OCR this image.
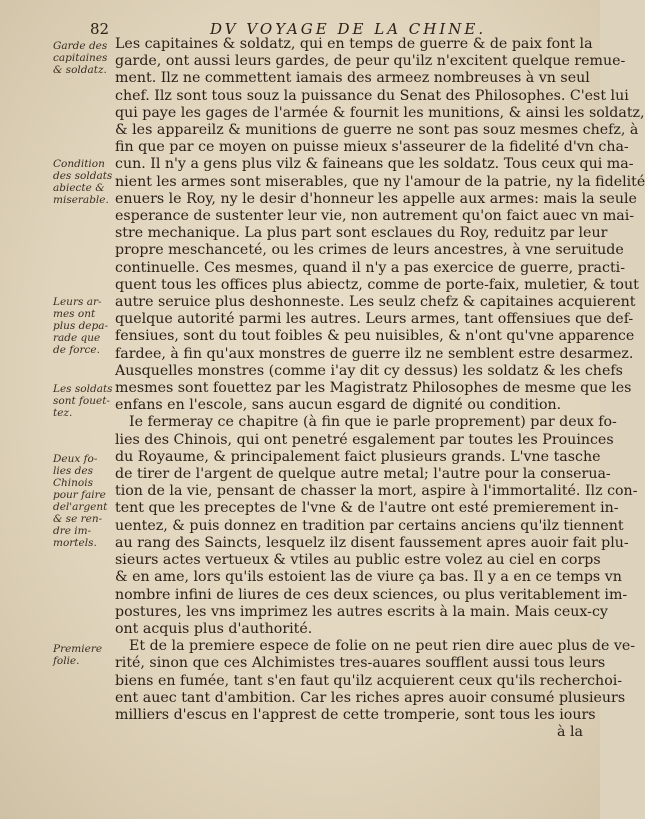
82	DV VOYAGE DE LA CHINE.
Garde des
capitaines
& soldatz.
Condition
des soldats
abiecte &
miserable.
Leurs ar-
mes ont
plus depa-
rade que
de force.
Les soldats
sont fouet-
tez.
Deux fo-
lies des
Chinois
pour faire
del'argent
& se ren-
dre im-
mortels.
Premiere
folie.
Les capitaines & soldatz, qui en temps de guerre & de paix font la
garde, ont aussi leurs gardes, de peur qu'ilz n'excitent quelque remue-
ment. Ilz ne commettent iamais des armeez nombreuses à vn seul
chef. Ilz sont tous souz la puissance du Senat des Philosophes. C'est lui
qui paye les gages de l'armée & fournit les munitions, & ainsi les soldatz,
& les appareilz & munitions de guerre ne sont pas souz mesmes chefz, à
fin que par ce moyen on puisse mieux s'asseurer de la fidelité d'vn cha-
cun. Il n'y a gens plus vilz & faineans que les soldatz. Tous ceux qui ma-
nient les armes sont miserables, que ny l'amour de la patrie, ny la fidelité
enuers le Roy, ny le desir d'honneur les appelle aux armes: mais la seule
esperance de sustenter leur vie, non autrement qu'on faict auec vn mai-
stre mechanique. La plus part sont esclaues du Roy, reduitz par leur
propre meschanceté, ou les crimes de leurs ancestres, à vne seruitude
continuelle. Ces mesmes, quand il n'y a pas exercice de guerre, practi-
quent tous les offices plus abiectz, comme de porte-faix, muletier, & tout
autre seruice plus deshonneste. Les seulz chefz & capitaines acquierent
quelque autorité parmi les autres. Leurs armes, tant offensiues que def-
fensiues, sont du tout foibles & peu nuisibles, & n'ont qu'vne apparence
fardee, à fin qu'aux monstres de guerre ilz ne semblent estre desarmez.
Ausquelles monstres (comme i'ay dit cy dessus) les soldatz & les chefs
mesmes sont fouettez par les Magistratz Philosophes de mesme que les
enfans en l'escole, sans aucun esgard de dignité ou condition.
Ie fermeray ce chapitre (à fin que ie parle proprement) par deux fo-
lies des Chinois, qui ont penetré esgalement par toutes les Prouinces
du Royaume, & principalement faict plusieurs grands. L'vne tasche
de tirer de l'argent de quelque autre metal; l'autre pour la conserua-
tion de la vie, pensant de chasser la mort, aspire à l'immortalité. Ilz con-
tent que les preceptes de l'vne & de l'autre ont esté premierement in-
uentez, & puis donnez en tradition par certains anciens qu'ilz tiennent
au rang des Saincts, lesquelz ilz disent faussement apres auoir fait plu-
sieurs actes vertueux & vtiles au public estre volez au ciel en corps
& en ame, lors qu'ils estoient las de viure ça bas. Il y a en ce temps vn
nombre infini de liures de ces deux sciences, ou plus veritablement im-
postures, les vns imprimez les autres escrits à la main. Mais ceux-cy
ont acquis plus d'authorité.
Et de la premiere espece de folie on ne peut rien dire auec plus de ve-
rité, sinon que ces Alchimistes tres-auares soufflent aussi tous leurs
biens en fumée, tant s'en faut qu'ilz acquierent ceux qu'ils recherchoi-
ent auec tant d'ambition. Car les riches apres auoir consumé plusieurs
milliers d'escus en l'apprest de cette tromperie, sont tous les iours
à la
